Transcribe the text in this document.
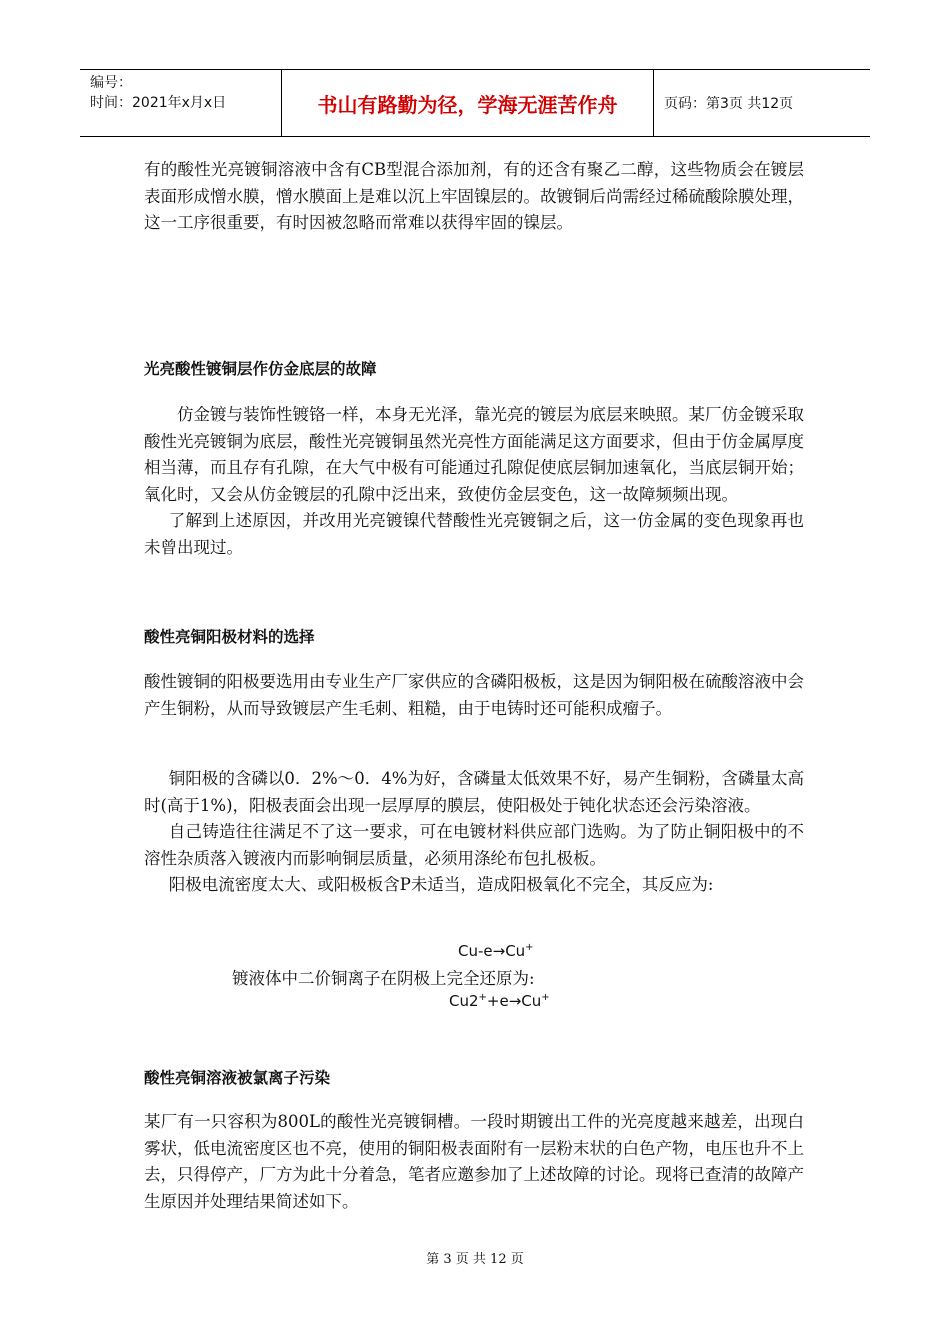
编号：
时间：2021年x月x日	书山有路勤为径，学海无涯苦作舟	页码：第3页 共12页

有的酸性光亮镀铜溶液中含有CB型混合添加剂，有的还含有聚乙二醇，这些物质会在镀层表面形成憎水膜，憎水膜面上是难以沉上牢固镍层的。故镀铜后尚需经过稀硫酸除膜处理，这一工序很重要，有时因被忽略而常难以获得牢固的镍层。

光亮酸性镀铜层作仿金底层的故障

仿金镀与装饰性镀铬一样，本身无光泽，靠光亮的镀层为底层来映照。某厂仿金镀采取酸性光亮镀铜为底层，酸性光亮镀铜虽然光亮性方面能满足这方面要求，但由于仿金属厚度相当薄，而且存有孔隙，在大气中极有可能通过孔隙促使底层铜加速氧化，当底层铜开始；氧化时，又会从仿金镀层的孔隙中泛出来，致使仿金层变色，这一故障频频出现。

了解到上述原因，并改用光亮镀镍代替酸性光亮镀铜之后，这一仿金属的变色现象再也未曾出现过。

酸性亮铜阳极材料的选择

酸性镀铜的阳极要选用由专业生产厂家供应的含磷阳极板，这是因为铜阳极在硫酸溶液中会产生铜粉，从而导致镀层产生毛刺、粗糙，由于电铸时还可能积成瘤子。

铜阳极的含磷以0．2%～0．4%为好，含磷量太低效果不好，易产生铜粉，含磷量太高时(高于1%)，阳极表面会出现一层厚厚的膜层，使阳极处于钝化状态还会污染溶液。

自己铸造往往满足不了这一要求，可在电镀材料供应部门选购。为了防止铜阳极中的不溶性杂质落入镀液内而影响铜层质量，必须用涤纶布包扎极板。

阳极电流密度太大、或阳极板含P未适当，造成阳极氧化不完全，其反应为:

Cu-e→Cu+

镀液体中二价铜离子在阴极上完全还原为:

Cu2++e→Cu+
酸性亮铜溶液被氯离子污染

某厂有一只容积为800L的酸性光亮镀铜槽。一段时期镀出工件的光亮度越来越差，出现白雾状，低电流密度区也不亮，使用的铜阳极表面附有一层粉末状的白色产物，电压也升不上去，只得停产，厂方为此十分着急，笔者应邀参加了上述故障的讨论。现将已查清的故障产生原因并处理结果简述如下。

第 3 页 共 12 页
